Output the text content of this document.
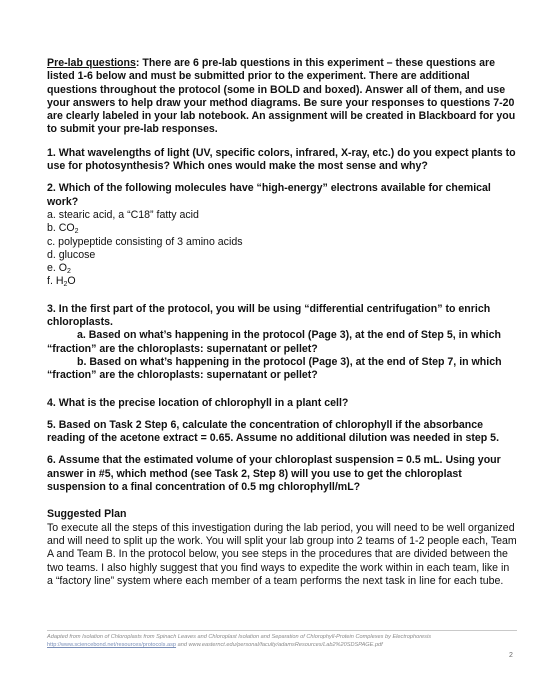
Pre-lab questions: There are 6 pre-lab questions in this experiment – these questions are listed 1-6 below and must be submitted prior to the experiment. There are additional questions throughout the protocol (some in BOLD and boxed). Answer all of them, and use your answers to help draw your method diagrams. Be sure your responses to questions 7-20 are clearly labeled in your lab notebook. An assignment will be created in Blackboard for you to submit your pre-lab responses.

1. What wavelengths of light (UV, specific colors, infrared, X-ray, etc.) do you expect plants to use for photosynthesis? Which ones would make the most sense and why?

2. Which of the following molecules have “high-energy” electrons available for chemical work?

a. stearic acid, a “C18” fatty acid

b. $CO_2$

c. polypeptide consisting of 3 amino acids

d. glucose

e. $O_2$

f. $H_2O$

3. In the first part of the protocol, you will be using “differential centrifugation” to enrich chloroplasts.

a. Based on what’s happening in the protocol (Page 3), at the end of Step 5, in which “fraction” are the chloroplasts: supernatant or pellet?

b. Based on what’s happening in the protocol (Page 3), at the end of Step 7, in which “fraction” are the chloroplasts: supernatant or pellet?

4. What is the precise location of chlorophyll in a plant cell?

5. Based on Task 2 Step 6, calculate the concentration of chlorophyll if the absorbance reading of the acetone extract = 0.65. Assume no additional dilution was needed in step 5.

6. Assume that the estimated volume of your chloroplast suspension = 0.5 mL. Using your answer in #5, which method (see Task 2, Step 8) will you use to get the chloroplast suspension to a final concentration of 0.5 mg chlorophyll/mL?

Suggested Plan

To execute all the steps of this investigation during the lab period, you will need to be well organized and will need to split up the work. You will split your lab group into 2 teams of 1-2 people each, Team A and Team B. In the protocol below, you see steps in the procedures that are divided between the two teams. I also highly suggest that you find ways to expedite the work within in each team, like in a “factory line” system where each member of a team performs the next task in line for each tube.

Adapted from Isolation of Chloroplasts from Spinach Leaves and Chloroplast Isolation and Separation of Chlorophyll-Protein Complexes by Electrophoresis
http://www.sciencebond.net/resources/protocols.asp and www.easternct.edu/personal/faculty/adamsResources/Lab2%20SDSPAGE.pdf
2
